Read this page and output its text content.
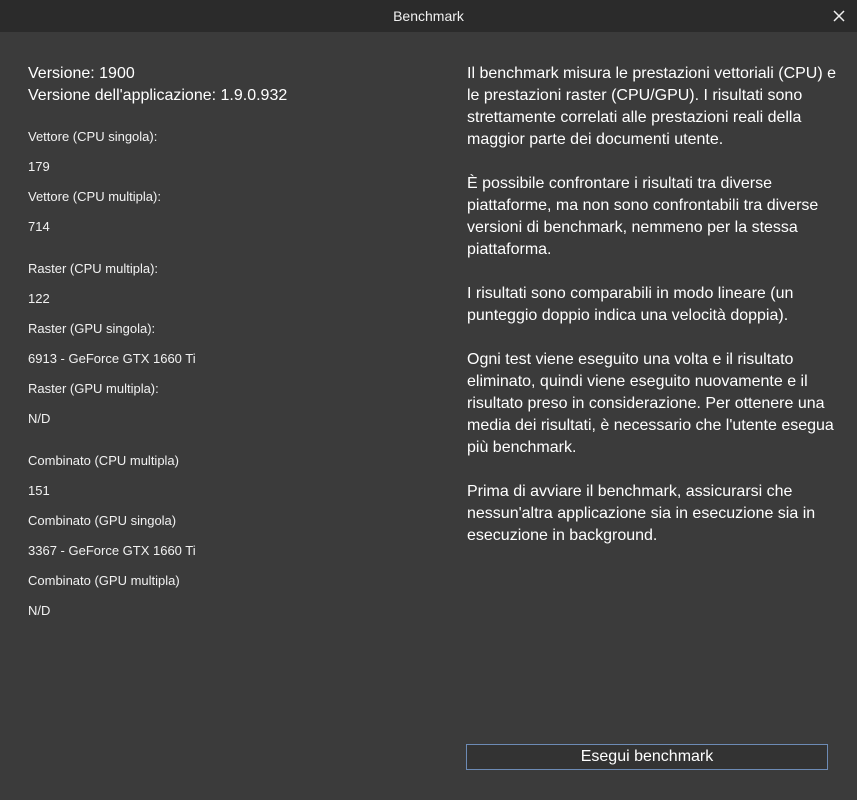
Benchmark
Versione: 1900
Versione dell'applicazione: 1.9.0.932
Vettore (CPU singola):
179
Vettore (CPU multipla):
714
Raster (CPU multipla):
122
Raster (GPU singola):
6913 - GeForce GTX 1660 Ti
Raster (GPU multipla):
N/D
Combinato (CPU multipla)
151
Combinato (GPU singola)
3367 - GeForce GTX 1660 Ti
Combinato (GPU multipla)
N/D

Il benchmark misura le prestazioni vettoriali (CPU) e le prestazioni raster (CPU/GPU). I risultati sono strettamente correlati alle prestazioni reali della maggior parte dei documenti utente.

È possibile confrontare i risultati tra diverse piattaforme, ma non sono confrontabili tra diverse versioni di benchmark, nemmeno per la stessa piattaforma.

I risultati sono comparabili in modo lineare (un punteggio doppio indica una velocità doppia).

Ogni test viene eseguito una volta e il risultato eliminato, quindi viene eseguito nuovamente e il risultato preso in considerazione. Per ottenere una media dei risultati, è necessario che l'utente esegua più benchmark.

Prima di avviare il benchmark, assicurarsi che nessun'altra applicazione sia in esecuzione sia in esecuzione in background.

Esegui benchmark
